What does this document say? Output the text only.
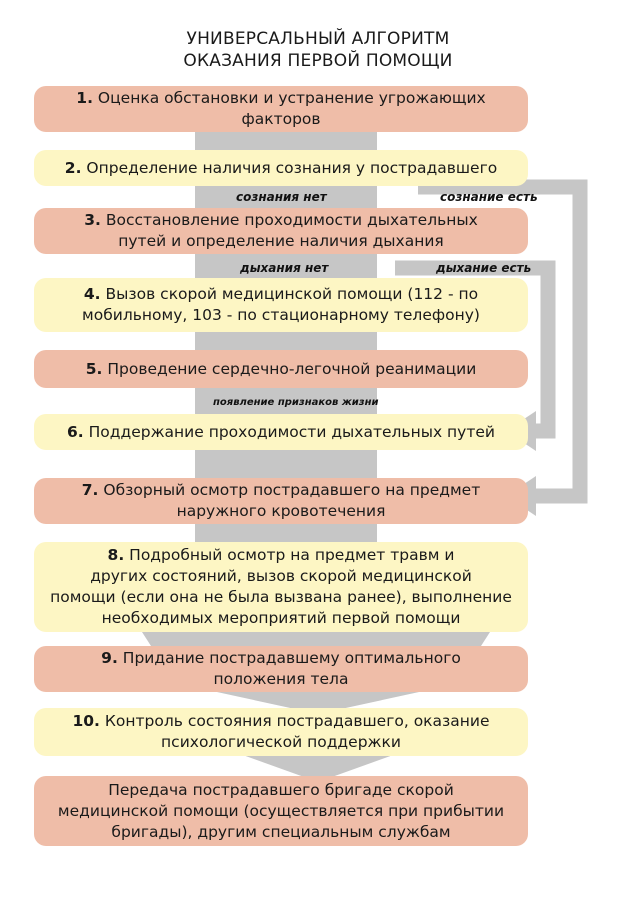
УНИВЕРСАЛЬНЫЙ АЛГОРИТМ
ОКАЗАНИЯ ПЕРВОЙ ПОМОЩИ
1. Оценка обстановки и устранение угрожающих
факторов
2. Определение наличия сознания у пострадавшего
сознания нет	сознание есть
3. Восстановление проходимости дыхательных
путей и определение наличия дыхания
дыхания нет	дыхание есть
4. Вызов скорой медицинской помощи (112 - по
мобильному, 103 - по стационарному телефону)
5. Проведение сердечно-легочной реанимации
появление признаков жизни
6. Поддержание проходимости дыхательных путей
7. Обзорный осмотр пострадавшего на предмет
наружного кровотечения
8. Подробный осмотр на предмет травм и
других состояний, вызов скорой медицинской
помощи (если она не была вызвана ранее), выполнение
необходимых мероприятий первой помощи
9. Придание пострадавшему оптимального
положения тела
10. Контроль состояния пострадавшего, оказание
психологической поддержки
Передача пострадавшего бригаде скорой
медицинской помощи (осуществляется при прибытии
бригады), другим специальным службам
